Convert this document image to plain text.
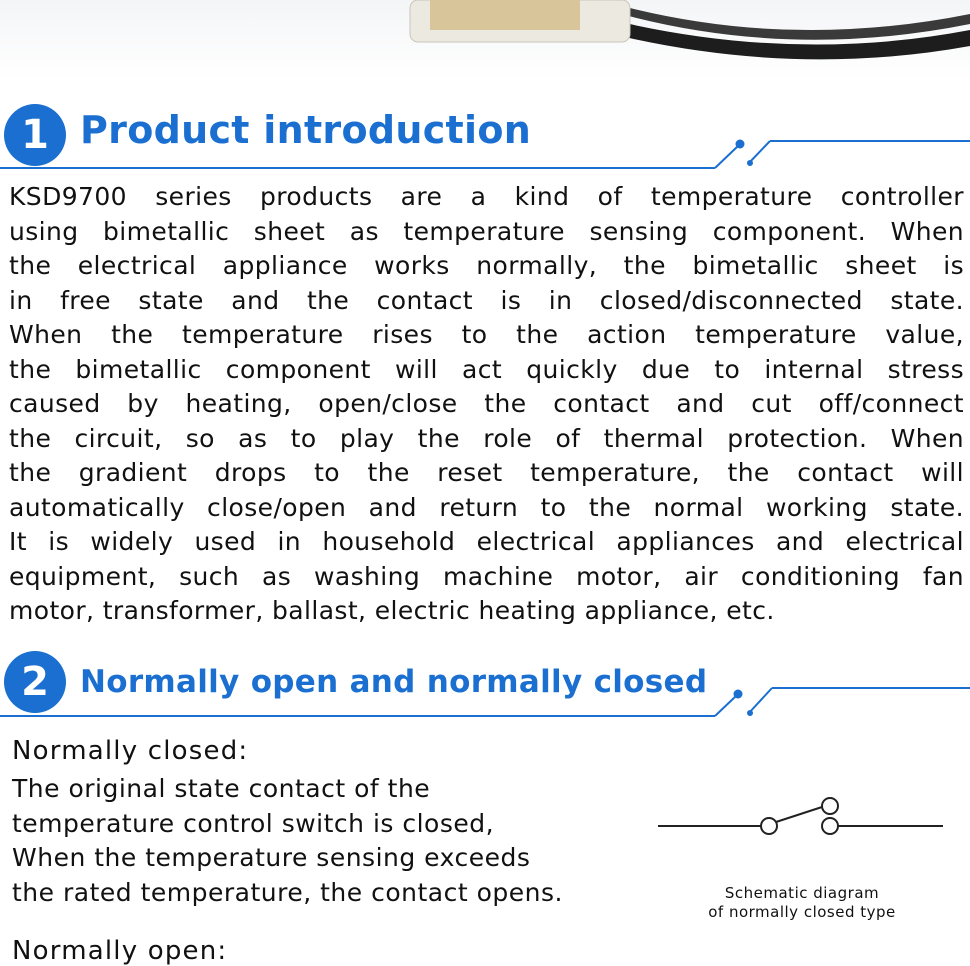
1 Product introduction

KSD9700 series products are a kind of temperature controller
using bimetallic sheet as temperature sensing component. When
the electrical appliance works normally, the bimetallic sheet is
in free state and the contact is in closed/disconnected state.
When the temperature rises to the action temperature value,
the bimetallic component will act quickly due to internal stress
caused by heating, open/close the contact and cut off/connect
the circuit, so as to play the role of thermal protection. When
the gradient drops to the reset temperature, the contact will
automatically close/open and return to the normal working state.
It is widely used in household electrical appliances and electrical
equipment, such as washing machine motor, air conditioning fan
motor, transformer, ballast, electric heating appliance, etc.

2	Normally open and normally closed
Normally closed:

The original state contact of the
temperature control switch is closed,
When the temperature sensing exceeds
the rated temperature, the contact opens.	Schematic diagram
of normally closed type
Normally open:
